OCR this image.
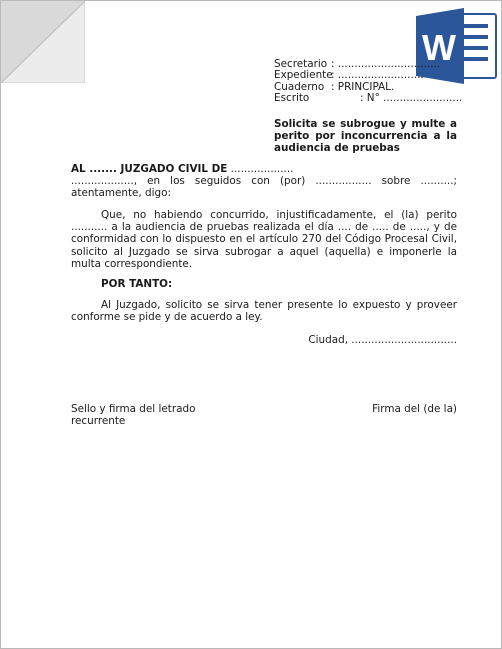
W
Secretario : ...............................
Expediente: ..........................
Cuaderno : PRINCIPAL.
Escrito	: N° ........................
Solicita se subrogue y multe a perito por inconcurrencia a la audiencia de pruebas
AL ....... JUZGADO CIVIL DE ...................
..................., en los seguidos con (por) ................. sobre ..........; atentamente, digo:
Que, no habiendo concurrido, injustificadamente, el (la) perito ........... a la audiencia de pruebas realizada el día .... de ..... de ....., y de conformidad con lo dispuesto en el artículo 270 del Código Procesal Civil, solicito al Juzgado se sirva subrogar a aquel (aquella) e imponerle la multa correspondiente.
POR TANTO:
Al Juzgado, solicito se sirva tener presente lo expuesto y proveer conforme se pide y de acuerdo a ley.
Ciudad, ................................
Sello y firma del letrado recurrente
Firma del (de la)
